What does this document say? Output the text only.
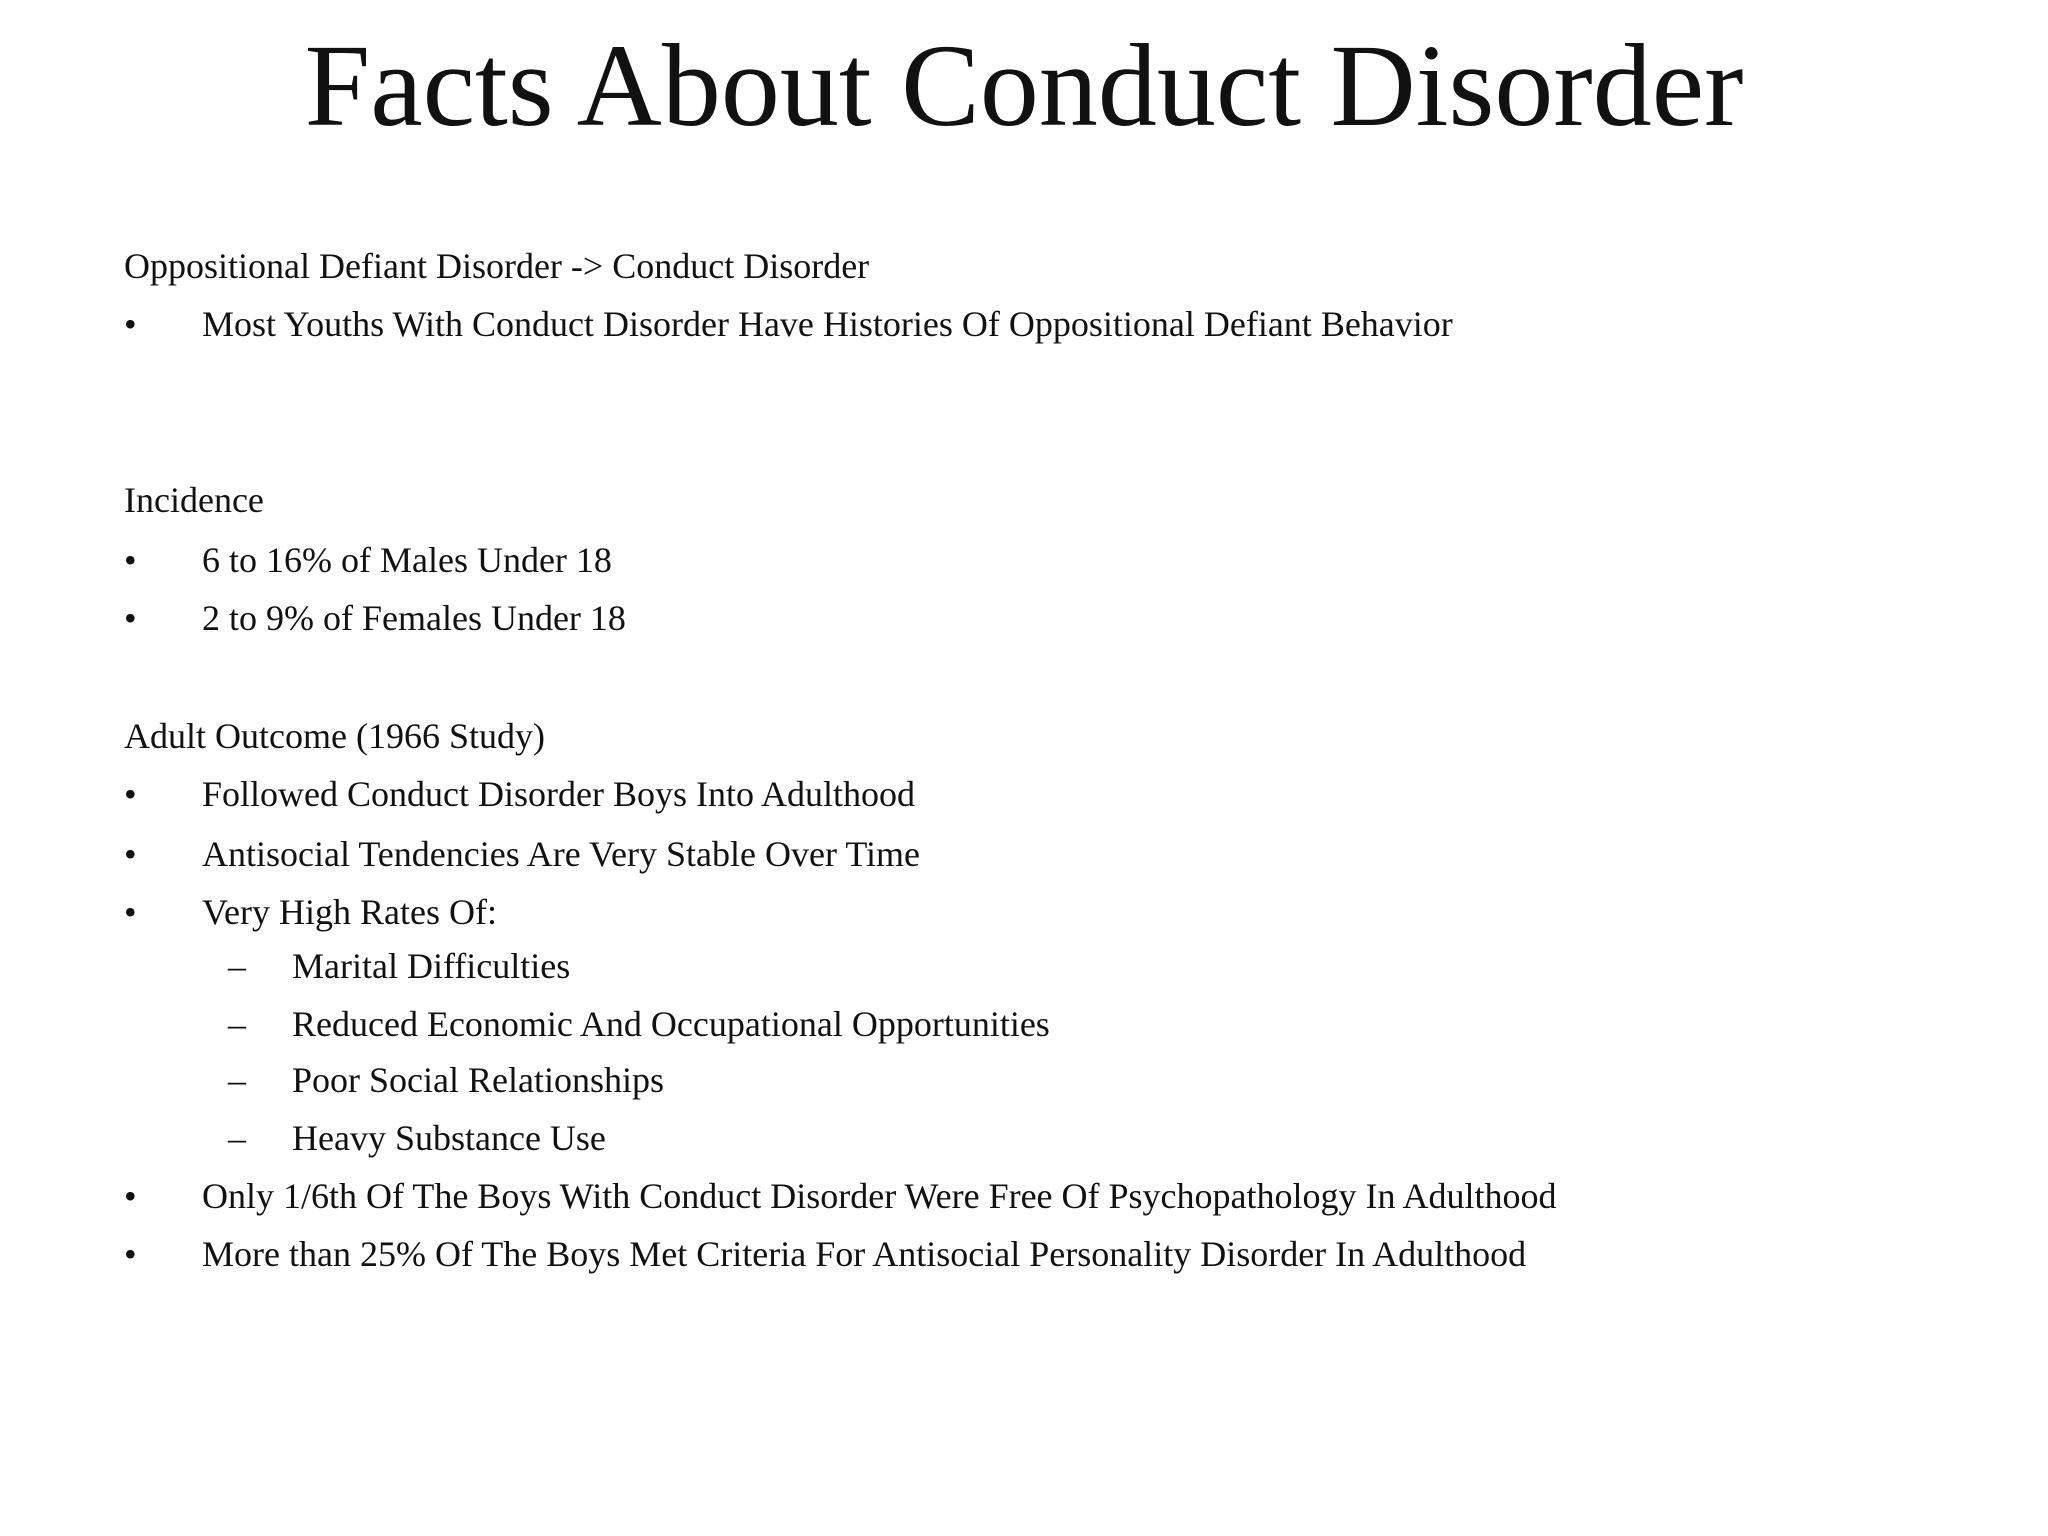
Facts About Conduct Disorder
Oppositional Defiant Disorder -> Conduct Disorder
• Most Youths With Conduct Disorder Have Histories Of Oppositional Defiant Behavior
Incidence
• 6 to 16% of Males Under 18
• 2 to 9% of Females Under 18
Adult Outcome (1966 Study)
• Followed Conduct Disorder Boys Into Adulthood
• Antisocial Tendencies Are Very Stable Over Time
• Very High Rates Of:
– Marital Difficulties
– Reduced Economic And Occupational Opportunities
– Poor Social Relationships
– Heavy Substance Use
• Only 1/6th Of The Boys With Conduct Disorder Were Free Of Psychopathology In Adulthood
• More than 25% Of The Boys Met Criteria For Antisocial Personality Disorder In Adulthood
